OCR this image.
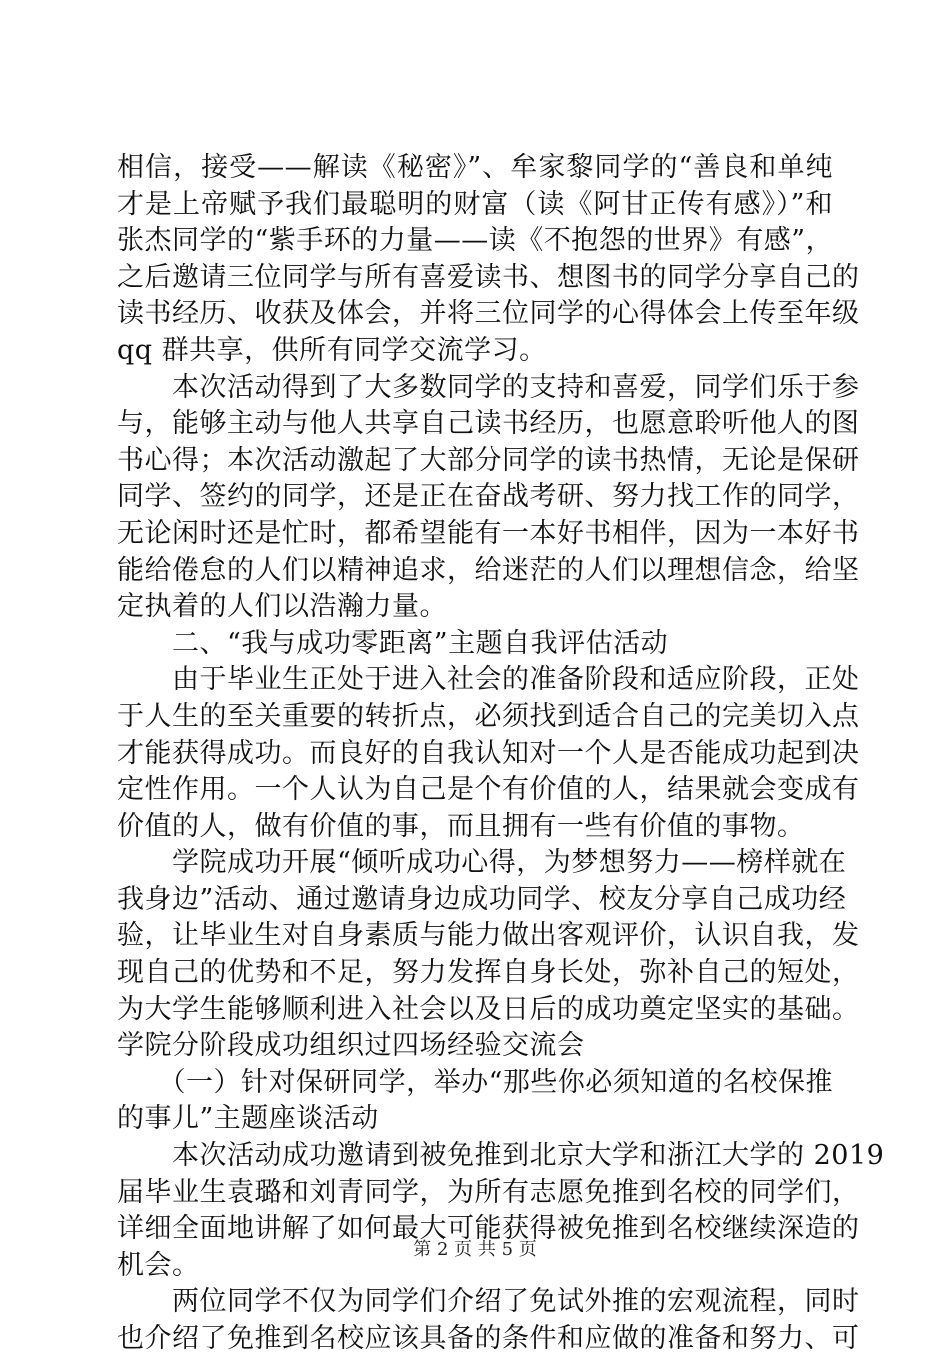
相信，接受——解读《秘密》”、牟家黎同学的“善良和单纯
才是上帝赋予我们最聪明的财富（读《阿甘正传有感》）”和
张杰同学的“紫手环的力量——读《不抱怨的世界》有感”，
之后邀请三位同学与所有喜爱读书、想图书的同学分享自己的
读书经历、收获及体会，并将三位同学的心得体会上传至年级
qq 群共享，供所有同学交流学习。
　　本次活动得到了大多数同学的支持和喜爱，同学们乐于参
与，能够主动与他人共享自己读书经历，也愿意聆听他人的图
书心得；本次活动激起了大部分同学的读书热情，无论是保研
同学、签约的同学，还是正在奋战考研、努力找工作的同学，
无论闲时还是忙时，都希望能有一本好书相伴，因为一本好书
能给倦怠的人们以精神追求，给迷茫的人们以理想信念，给坚
定执着的人们以浩瀚力量。
　　二、“我与成功零距离”主题自我评估活动
　　由于毕业生正处于进入社会的准备阶段和适应阶段，正处
于人生的至关重要的转折点，必须找到适合自己的完美切入点
才能获得成功。而良好的自我认知对一个人是否能成功起到决
定性作用。一个人认为自己是个有价值的人，结果就会变成有
价值的人，做有价值的事，而且拥有一些有价值的事物。
　　学院成功开展“倾听成功心得，为梦想努力——榜样就在
我身边”活动、通过邀请身边成功同学、校友分享自己成功经
验，让毕业生对自身素质与能力做出客观评价，认识自我，发
现自己的优势和不足，努力发挥自身长处，弥补自己的短处，
为大学生能够顺利进入社会以及日后的成功奠定坚实的基础。
学院分阶段成功组织过四场经验交流会
　　（一）针对保研同学，举办“那些你必须知道的名校保推
的事儿”主题座谈活动
　　本次活动成功邀请到被免推到北京大学和浙江大学的 2019
届毕业生袁璐和刘青同学，为所有志愿免推到名校的同学们，
详细全面地讲解了如何最大可能获得被免推到名校继续深造的
机会。
　　两位同学不仅为同学们介绍了免试外推的宏观流程，同时
也介绍了免推到名校应该具备的条件和应做的准备和努力、可
第 2 页 共 5 页
